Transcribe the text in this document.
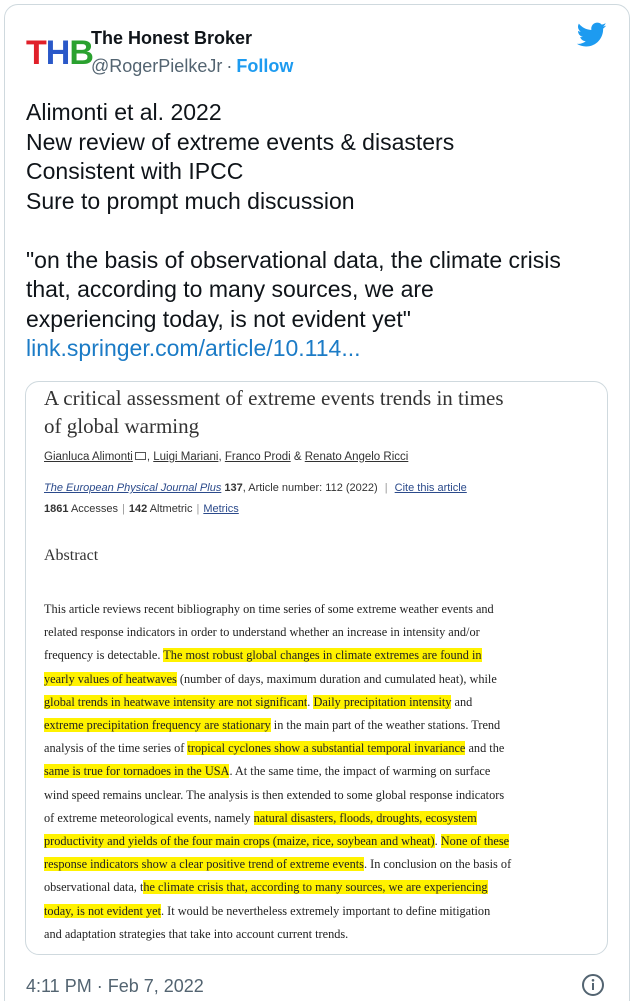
THB
The Honest Broker
@RogerPielkeJr · Follow
Alimonti et al. 2022
New review of extreme events & disasters
Consistent with IPCC
Sure to prompt much discussion
"on the basis of observational data, the climate crisis
that, according to many sources, we are
experiencing today, is not evident yet"
link.springer.com/article/10.114...
A critical assessment of extreme events trends in times
of global warming
Gianluca Alimonti , Luigi Mariani, Franco Prodi & Renato Angelo Ricci
The European Physical Journal Plus 137, Article number: 112 (2022) | Cite this article
1861 Accesses | 142 Altmetric | Metrics
Abstract
This article reviews recent bibliography on time series of some extreme weather events and
related response indicators in order to understand whether an increase in intensity and/or
frequency is detectable. The most robust global changes in climate extremes are found in
yearly values of heatwaves (number of days, maximum duration and cumulated heat), while
global trends in heatwave intensity are not significant. Daily precipitation intensity and
extreme precipitation frequency are stationary in the main part of the weather stations. Trend
analysis of the time series of tropical cyclones show a substantial temporal invariance and the
same is true for tornadoes in the USA. At the same time, the impact of warming on surface
wind speed remains unclear. The analysis is then extended to some global response indicators
of extreme meteorological events, namely natural disasters, floods, droughts, ecosystem
productivity and yields of the four main crops (maize, rice, soybean and wheat). None of these
response indicators show a clear positive trend of extreme events. In conclusion on the basis of
observational data, the climate crisis that, according to many sources, we are experiencing
today, is not evident yet. It would be nevertheless extremely important to define mitigation
and adaptation strategies that take into account current trends.
4:11 PM · Feb 7, 2022
